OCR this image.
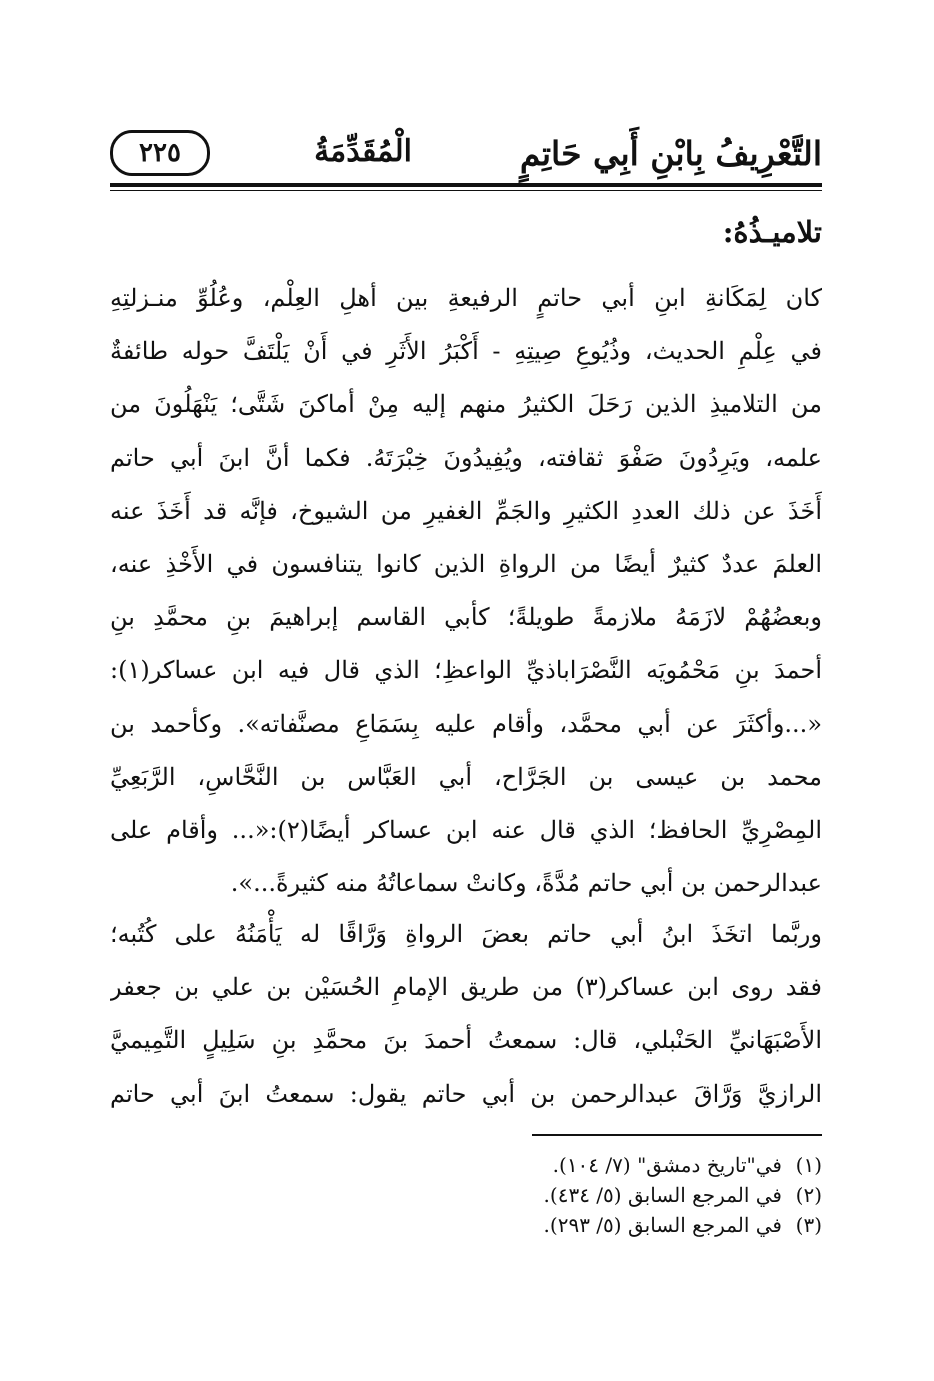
التَّعْرِيفُ بِابْنِ أَبِي حَاتِمٍ
الْمُقَدِّمَةُ
٢٢٥
تلاميـذُهُ:
كان لِمَكَانةِ ابنِ أبي حاتمٍ الرفيعةِ بين أهلِ العِلْم، وعُلُوِّ منـزلتِهِ
في عِلْمِ الحديث، وذُيُوعِ صِيتِهِ - أَكْبَرُ الأَثَرِ في أَنْ يَلْتَفَّ حوله طائفةٌ
من التلاميذِ الذين رَحَلَ الكثيرُ منهم إليه مِنْ أماكنَ شَتَّى؛ يَنْهَلُونَ من
علمه، ويَرِدُونَ صَفْوَ ثقافته، ويُفِيدُونَ خِبْرَتَهُ. فكما أنَّ ابنَ أبي حاتم
أَخَذَ عن ذلك العددِ الكثيرِ والجَمِّ الغفيرِ من الشيوخ، فإنَّه قد أَخَذَ عنه
العلمَ عددٌ كثيرٌ أيضًا من الرواةِ الذين كانوا يتنافسون في الأَخْذِ عنه،
وبعضُهُمْ لازَمَهُ ملازمةً طويلةً؛ كأبي القاسم إبراهيمَ بنِ محمَّدِ بنِ
أحمدَ بنِ مَحْمُويَه النَّصْرَاباذيِّ الواعظِ؛ الذي قال فيه ابن عساكر(١):
«...وأكثَرَ عن أبي محمَّد، وأقام عليه بِسَمَاعِ مصنَّفاته». وكأحمد بن
محمد بن عيسى بن الجَرَّاح، أبي العَبَّاس بن النَّحَّاسِ، الرَّبَعِيِّ
المِصْرِيِّ الحافظ؛ الذي قال عنه ابن عساكر أيضًا(٢):«... وأقام على
عبدالرحمن بن أبي حاتم مُدَّةً، وكانتْ سماعاتُهُ منه كثيرةً...».
وربَّما اتخَذَ ابنُ أبي حاتم بعضَ الرواةِ وَرَّاقًا له يَأْمَنُهُ على كُتُبه؛
فقد روى ابن عساكر(٣) من طريق الإمامِ الحُسَيْن بن علي بن جعفر
الأَصْبَهَانيِّ الحَنْبلي، قال: سمعتُ أحمدَ بنَ محمَّدِ بنِ سَلِيلٍ التَّمِيميَّ
الرازيَّ وَرَّاقَ عبدالرحمن بن أبي حاتم يقول: سمعتُ ابنَ أبي حاتم
(١)في"تاريخ دمشق" (٧/ ١٠٤).
(٢)في المرجع السابق (٥/ ٤٣٤).
(٣)في المرجع السابق (٥/ ٢٩٣).
